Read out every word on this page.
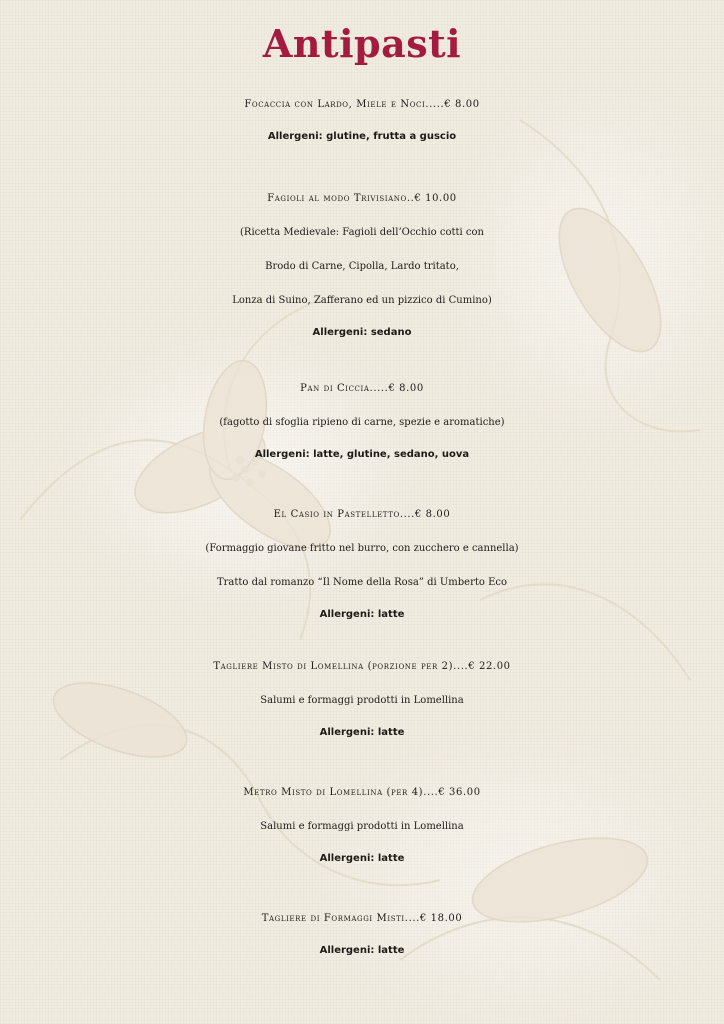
Antipasti
Focaccia con Lardo, Miele e Noci.....€ 8.00
Allergeni: glutine, frutta a guscio
Fagioli al modo Trivisiano..€ 10.00
(Ricetta Medievale: Fagioli dell’Occhio cotti con
Brodo di Carne, Cipolla, Lardo tritato,
Lonza di Suino, Zafferano ed un pizzico di Cumino)
Allergeni: sedano
Pan di Ciccia.....€ 8.00
(fagotto di sfoglia ripieno di carne, spezie e aromatiche)
Allergeni: latte, glutine, sedano, uova
El Casio in Pastelletto....€ 8.00
(Formaggio giovane fritto nel burro, con zucchero e cannella)
Tratto dal romanzo “Il Nome della Rosa” di Umberto Eco
Allergeni: latte
Tagliere Misto di Lomellina (porzione per 2)....€ 22.00
Salumi e formaggi prodotti in Lomellina
Allergeni: latte
Metro Misto di Lomellina (per 4)....€ 36.00
Salumi e formaggi prodotti in Lomellina
Allergeni: latte
Tagliere di Formaggi Misti....€ 18.00
Allergeni: latte
